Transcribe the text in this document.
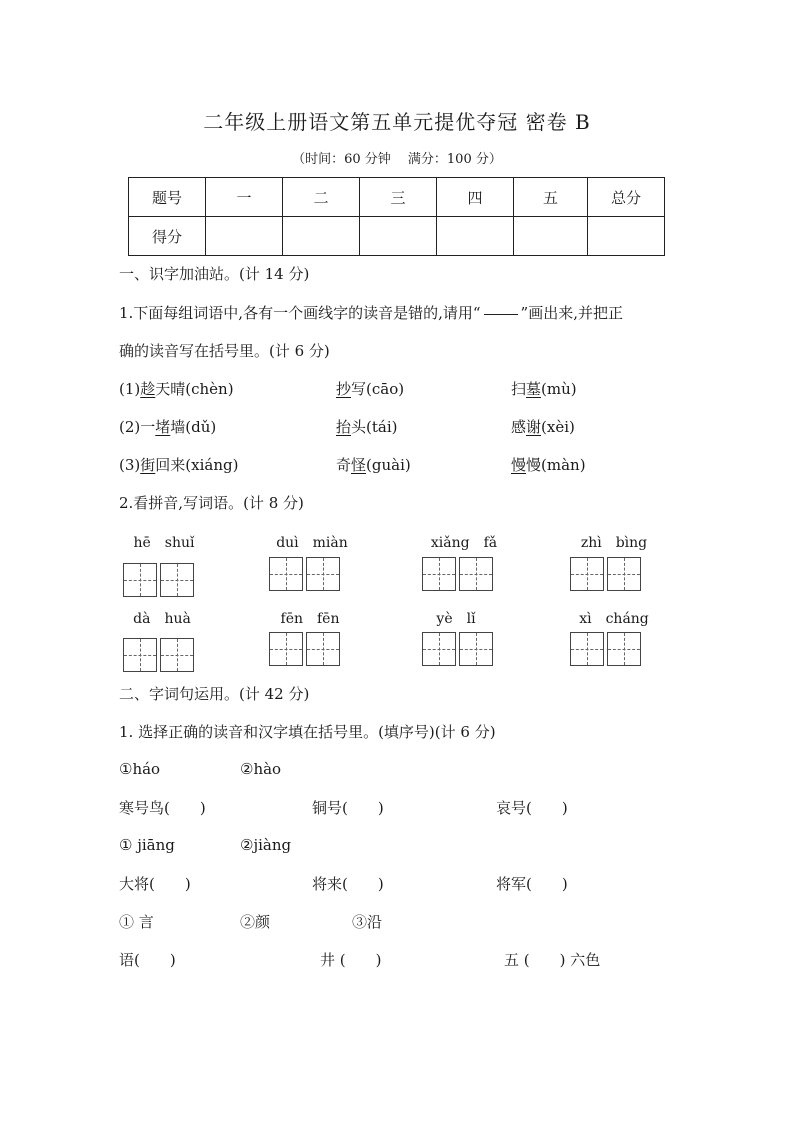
二年级上册语文第五单元提优夺冠 密卷 B
（时间：60 分钟　 满分：100 分）
题号	一	二	三	四	五	总分
得分						
一、识字加油站。(计 14 分)
1.下面每组词语中,各有一个画线字的读音是错的,请用“	”画出来,并把正
确的读音写在括号里。(计 6 分)
(1)趁天晴(chèn)	抄写(cāo)	扫墓(mù)
(2)一堵墙(dǔ)	抬头(tái)	感谢(xèi)
(3)街回来(xiáng)	奇怪(guài)	慢慢(màn)
2.看拼音,写词语。(计 8 分)
hē　shuǐ	duì　miàn	xiǎng　fǎ	zhì　bìng
dà　huà	fēn　fēn	yè　lǐ	xì　cháng
二、字词句运用。(计 42 分)
1. 选择正确的读音和汉字填在括号里。(填序号)(计 6 分)
①háo	②hào
寒号鸟(　　)	铜号(　　)	哀号(　　)
① jiāng	②jiàng
大将(　　)	将来(　　)	将军(　　)
① 言	②颜	③沿
语(　　)	井 (　　)	五 (　　) 六色
